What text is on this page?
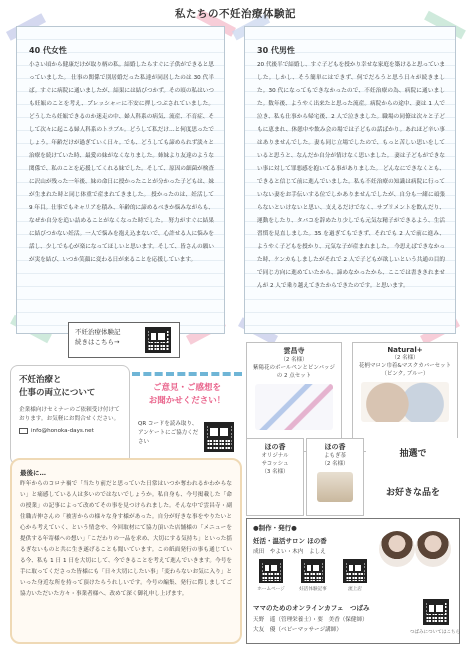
私たちの不妊治療体験記
40 代女性
小さい頃から健康だけが取り柄の私。結婚したらすぐに子供ができると思っていました。 仕事の関係で別居婚だった私達が同居したのは 30 代半ば。すぐに病院に通いましたが、結果には結びつかず。その頃の私はいつも妊娠のことを考え、プレッシャーに不安に押しつぶされていました。 どうしたら妊娠できるのか迷走の中、婦人科系の病気、流産、不育症、そして次々に起こる婦人科系のトラブル。どうして私だけ…と何度思ったでしょう。年齢だけが過ぎていく日々。でも、どうしても諦められず淡々と治療を続けていた時、最愛の妹がなくなりました。姉妹より友達のような関係で、私のことを応援してくれる妹でした。そして、原因の細菌が検査に沢山が残った一年後、妹の命日に授かったことが分かった子どもは、妹が生まれた時と同じ体重で産まれてきました。 授かったのは、妊活して 9 年目。仕事でもキャリアを積み、年齢的に諦めるべきか悩みながらも、なぜか自分を追い詰めることがなくなった時でした。 努力がすぐに結果に結びつかない妊活。一人で悩みを抱え込まないで、心許せる人に悩みを話し、少しでも心が楽になってほしいと思います。そして、皆さんの願いが実を結び、いつか笑顔に変わる日が来ることを応援しています。
30 代男性
20 代後半で結婚し、すぐ子どもを授かり幸せな家庭を築けると思っていました。しかし、そう簡単にはできず、何でだろうと思う日々が続きました。30 代になってもできなかったので、不妊治療の為、病院に通いました。数年後、ようやく出来たと思った流産。病院からの途中、妻は 1 人で泣き、私も仕事から帰宅後、2 人で泣きました。職場の同僚は次々と子どもに恵まれ、休憩中や飲み会の場では子どもの話ばかり。あれほど辛い事はありませんでした。妻も同じ立場でしたので、もっと苦しい思いをしていると思うと、なんだか自分が情けなく思いました。 妻は子どもができない事に対して罪悪感を抱いてる事がありました。 どんなにできなくとも、できると信じて前に進んでいました。私も不妊治療の知識は病院に行っていない妻をお手伝いする位でしかありませんでしたが、自分も一緒に頑張らないといけないと思い、支えるだけでなく、サプリメントを飲んだり、運動をしたり、タバコを辞めたり少しでも元気な精子ができるよう、生活習慣を見直しました。35 を過ぎてもできず、それでも 2 人で前に進み、ようやく子どもを授かり、元気な子が産まれました。 今思えばできなかった時、ケンカもしましたがそれで 2 人で子どもが欲しいという共通の目的で同じ方向に進めていたから、諦めなかったから、ここでは書ききれませんが 2 人で乗り越えてきたからできたのです。と思います。
不妊治療体験記
続きはこちら→
不妊治療と
仕事の両立について
企業様向けセミナーのご依頼受け付けております。お気軽にお問合せください。
info@honoka-days.net
ご意見・ご感想を
お聞かせください！
QR コードを読み取り、アンケートにご協力ください
雲昌寺
（2 名様）
紫陽花のボールペンとピンバッジの 2 点セット
Natural+
（2 名様）
花柄マロン巾着&マスクカバーセット（ピンク, ブルー）
ほの香
オリジナル
サコッシュ
（3 名様）
ほの香
よもぎ茶
（2 名様）
抽選で
お好きな品を
最後に…
昨年からのコロナ禍で「当たり前だと思っていた日常はいつか奪われるかわからない」と痛感している人は多いのではないでしょうか。私自身も、今号掲載した「命の授業」の記事によって改めてその事を見つけられました。そんな中で雲昌寺・副住職吉伸さんの「被害からの様々な身す様があった。自分が好きな事をやりたいと心から考えていく、という情念や、今回取材にて協力頂いた店舗様の「メニューを提供する年寄様への想い」「こだわりの一品を求め、大切にする気持ち」といった揺るぎないものと共に生き遂げることも聞いています。この紙面発行の事も通じている今、私も 1 日 1 日を大切にして、今できることを考えて進んでいきます。今号を手に取ってくださった皆様にも「日々大切にしたい事」「変わらないお気に入り」といった身近な所を持って頂けたらうれしいです。今号の編集、発行に際しましてご協力いただいた方々・事業者様へ、改めて深く御礼申し上げます。
●制作・発行●
妊活・温活サロン ほの香
成田　やよい・木内　よしえ
ホームページ	妊活体験記事	流上店
ママのためのオンラインカフェ　つばみ
天野　遥（管理栄養士）・要　美香（保健師）
大友　優（ベビーマッサージ講師）	つばみについてはこちら
